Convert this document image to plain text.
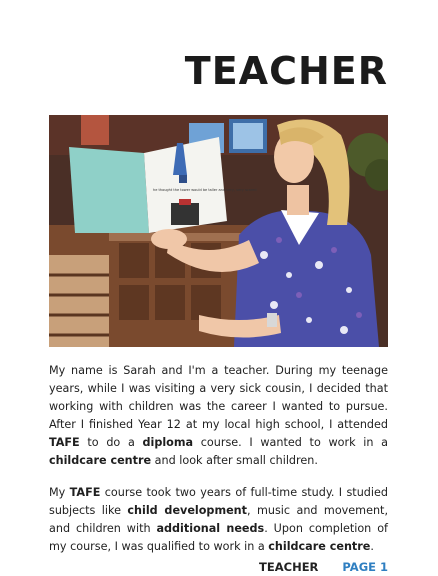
TEACHER
he thought the tower would be taller and very, very scared

My name is Sarah and I'm a teacher. During my teenage years, while I was visiting a very sick cousin, I decided that working with children was the career I wanted to pursue. After I finished Year 12 at my local high school, I attended TAFE to do a diploma course. I wanted to work in a childcare centre and look after small children.

My TAFE course took two years of full-time study. I studied subjects like child development, music and movement, and children with additional needs. Upon completion of my course, I was qualified to work in a childcare centre.

TEACHER PAGE 1
